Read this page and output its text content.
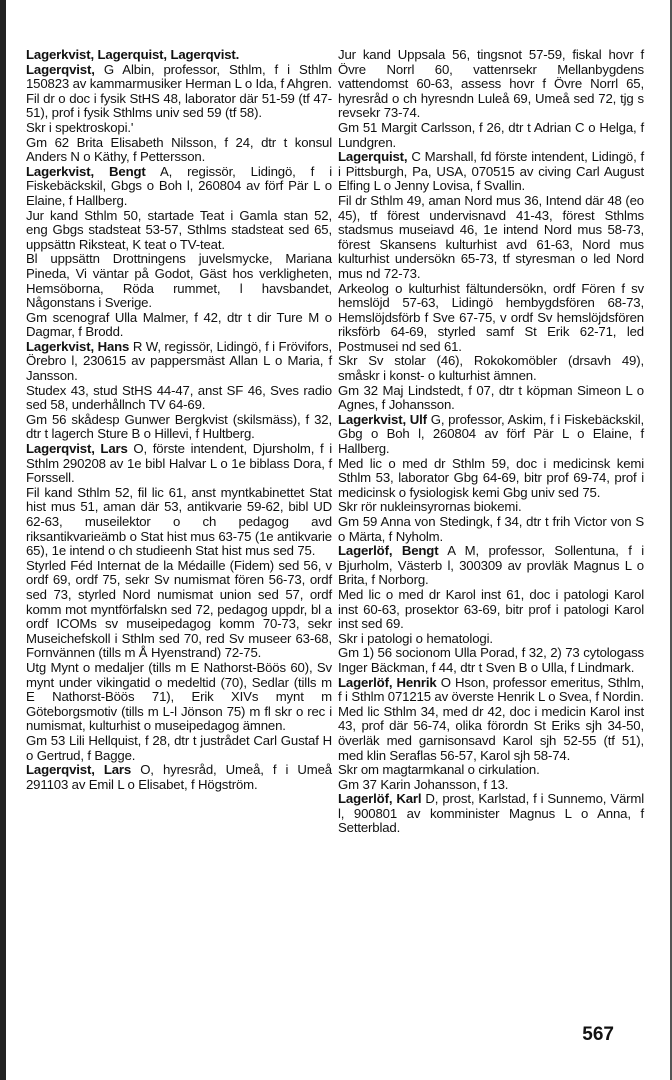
Lagerkvist, Lagerquist, Lagerqvist.
Lagerqvist, G Albin, professor, Sthlm, f i Sthlm 150823 av kammarmusiker Herman L o Ida, f Ahgren.
Fil dr o doc i fysik StHS 48, laborator där 51-59 (tf 47-51), prof i fysik Sthlms univ sed 59 (tf 58).
Skr i spektroskopi.'
Gm 62 Brita Elisabeth Nilsson, f 24, dtr t konsul Anders N o Käthy, f Pettersson.
Lagerkvist, Bengt A, regissör, Lidingö, f i Fiskebäckskil, Gbgs o Boh l, 260804 av förf Pär L o Elaine, f Hallberg.
Jur kand Sthlm 50, startade Teat i Gamla stan 52, eng Gbgs stadsteat 53-57, Sthlms stadsteat sed 65, uppsättn Riksteat, K teat o TV-teat.
Bl uppsättn Drottningens juvelsmycke, Mariana Pineda, Vi väntar på Godot, Gäst hos verkligheten, Hemsöborna, Röda rummet, l havsbandet, Någonstans i Sverige.
Gm scenograf Ulla Malmer, f 42, dtr t dir Ture M o Dagmar, f Brodd.
Lagerkvist, Hans R W, regissör, Lidingö, f i Frövifors, Örebro l, 230615 av pappersmäst Allan L o Maria, f Jansson.
Studex 43, stud StHS 44-47, anst SF 46, Sves radio sed 58, underhållnch TV 64-69.
Gm 56 skådesp Gunwer Bergkvist (skilsmäss), f 32, dtr t lagerch Sture B o Hillevi, f Hultberg.
Lagerqvist, Lars O, förste intendent, Djursholm, f i Sthlm 290208 av 1e bibl Halvar L o 1e biblass Dora, f Forssell.
Fil kand Sthlm 52, fil lic 61, anst myntkabinettet Stat hist mus 51, aman där 53, antikvarie 59-62, bibl UD 62-63, museilektor o ch pedagog avd riksantikvarieämb o Stat hist mus 63-75 (1e antikvarie 65), 1e intend o ch studieenh Stat hist mus sed 75.
Styrled Féd Internat de la Médaille (Fidem) sed 56, v ordf 69, ordf 75, sekr Sv numismat fören 56-73, ordf sed 73, styrled Nord numismat union sed 57, ordf komm mot myntförfalskn sed 72, pedagog uppdr, bl a ordf ICOMs sv museipedagog komm 70-73, sekr Museichefskoll i Sthlm sed 70, red Sv museer 63-68, Fornvännen (tills m Å Hyenstrand) 72-75.
Utg Mynt o medaljer (tills m E Nathorst-Böös 60), Sv mynt under vikingatid o medeltid (70), Sedlar (tills m E Nathorst-Böös 71), Erik XIVs mynt m Göteborgsmotiv (tills m L-l Jönson 75) m fl skr o rec i numismat, kulturhist o museipedagog ämnen.
Gm 53 Lili Hellquist, f 28, dtr t justrådet Carl Gustaf H o Gertrud, f Bagge.
Lagerqvist, Lars O, hyresråd, Umeå, f i Umeå 291103 av Emil L o Elisabet, f Högström.
Jur kand Uppsala 56, tingsnot 57-59, fiskal hovr f Övre Norrl 60, vattenrsekr Mellanbygdens vattendomst 60-63, assess hovr f Övre Norrl 65, hyresråd o ch hyresndn Luleå 69, Umeå sed 72, tjg s revsekr 73-74.
Gm 51 Margit Carlsson, f 26, dtr t Adrian C o Helga, f Lundgren.
Lagerquist, C Marshall, fd förste intendent, Lidingö, f i Pittsburgh, Pa, USA, 070515 av civing Carl August Elfing L o Jenny Lovisa, f Svallin.
Fil dr Sthlm 49, aman Nord mus 36, Intend där 48 (eo 45), tf förest undervisnavd 41-43, förest Sthlms stadsmus museiavd 46, 1e intend Nord mus 58-73, förest Skansens kulturhist avd 61-63, Nord mus kulturhist undersökn 65-73, tf styresman o led Nord mus nd 72-73.
Arkeolog o kulturhist fältundersökn, ordf Fören f sv hemslöjd 57-63, Lidingö hembygdsfören 68-73, Hemslöjdsförb f Sve 67-75, v ordf Sv hemslöjdsfören riksförb 64-69, styrled samf St Erik 62-71, led Postmusei nd sed 61.
Skr Sv stolar (46), Rokokomöbler (drsavh 49), småskr i konst- o kulturhist ämnen.
Gm 32 Maj Lindstedt, f 07, dtr t köpman Simeon L o Agnes, f Johansson.
Lagerkvist, Ulf G, professor, Askim, f i Fiskebäckskil, Gbg o Boh l, 260804 av förf Pär L o Elaine, f Hallberg.
Med lic o med dr Sthlm 59, doc i medicinsk kemi Sthlm 53, laborator Gbg 64-69, bitr prof 69-74, prof i medicinsk o fysiologisk kemi Gbg univ sed 75.
Skr rör nukleinsyrornas biokemi.
Gm 59 Anna von Stedingk, f 34, dtr t frih Victor von S o Märta, f Nyholm.
Lagerlöf, Bengt A M, professor, Sollentuna, f i Bjurholm, Västerb l, 300309 av provläk Magnus L o Brita, f Norborg.
Med lic o med dr Karol inst 61, doc i patologi Karol inst 60-63, prosektor 63-69, bitr prof i patologi Karol inst sed 69.
Skr i patologi o hematologi.
Gm 1) 56 socionom Ulla Porad, f 32, 2) 73 cytologass Inger Bäckman, f 44, dtr t Sven B o Ulla, f Lindmark.
Lagerlöf, Henrik O Hson, professor emeritus, Sthlm, f i Sthlm 071215 av överste Henrik L o Svea, f Nordin.
Med lic Sthlm 34, med dr 42, doc i medicin Karol inst 43, prof där 56-74, olika förordn St Eriks sjh 34-50, överläk med garnisonsavd Karol sjh 52-55 (tf 51), med klin Seraflas 56-57, Karol sjh 58-74.
Skr om magtarmkanal o cirkulation.
Gm 37 Karin Johansson, f 13.
Lagerlöf, Karl D, prost, Karlstad, f i Sunnemo, Värml l, 900801 av komminister Magnus L o Anna, f Setterblad.
567
